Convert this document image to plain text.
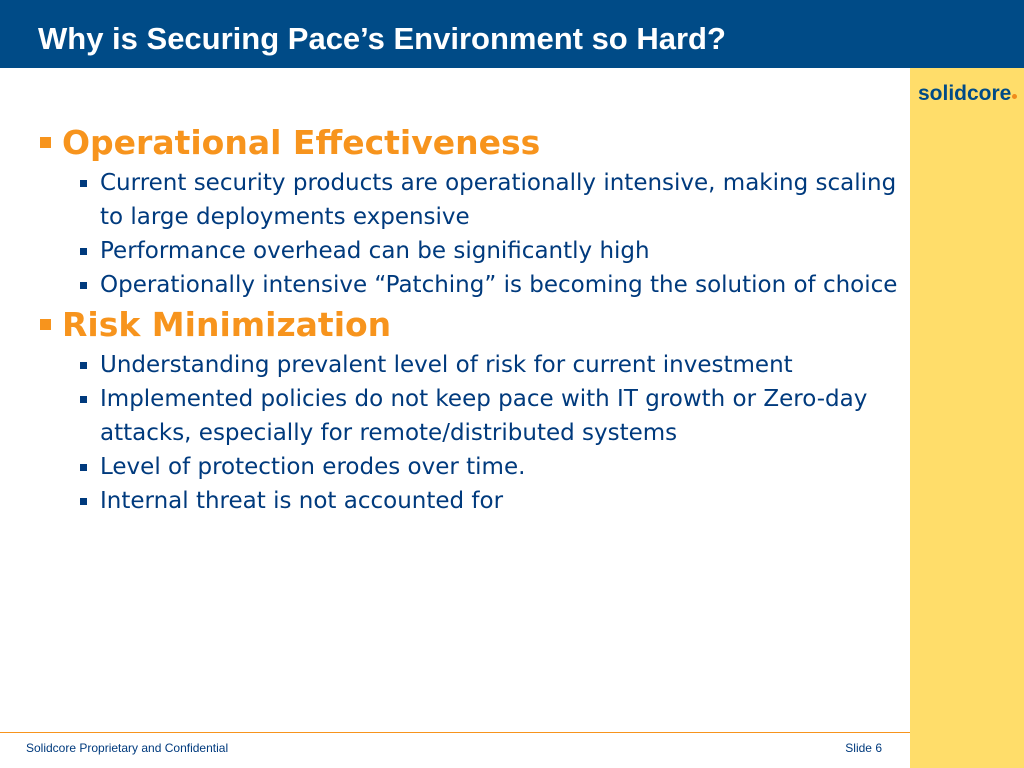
Why is Securing Pace’s Environment so Hard?
solidcore
Operational Effectiveness
Current security products are operationally intensive, making scaling to large deployments expensive
Performance overhead can be significantly high
Operationally intensive “Patching” is becoming the solution of choice
Risk Minimization
Understanding prevalent level of risk for current investment
Implemented policies do not keep pace with IT growth or Zero-day attacks, especially for remote/distributed systems
Level of protection erodes over time.
Internal threat is not accounted for
Solidcore Proprietary and Confidential	Slide 6
